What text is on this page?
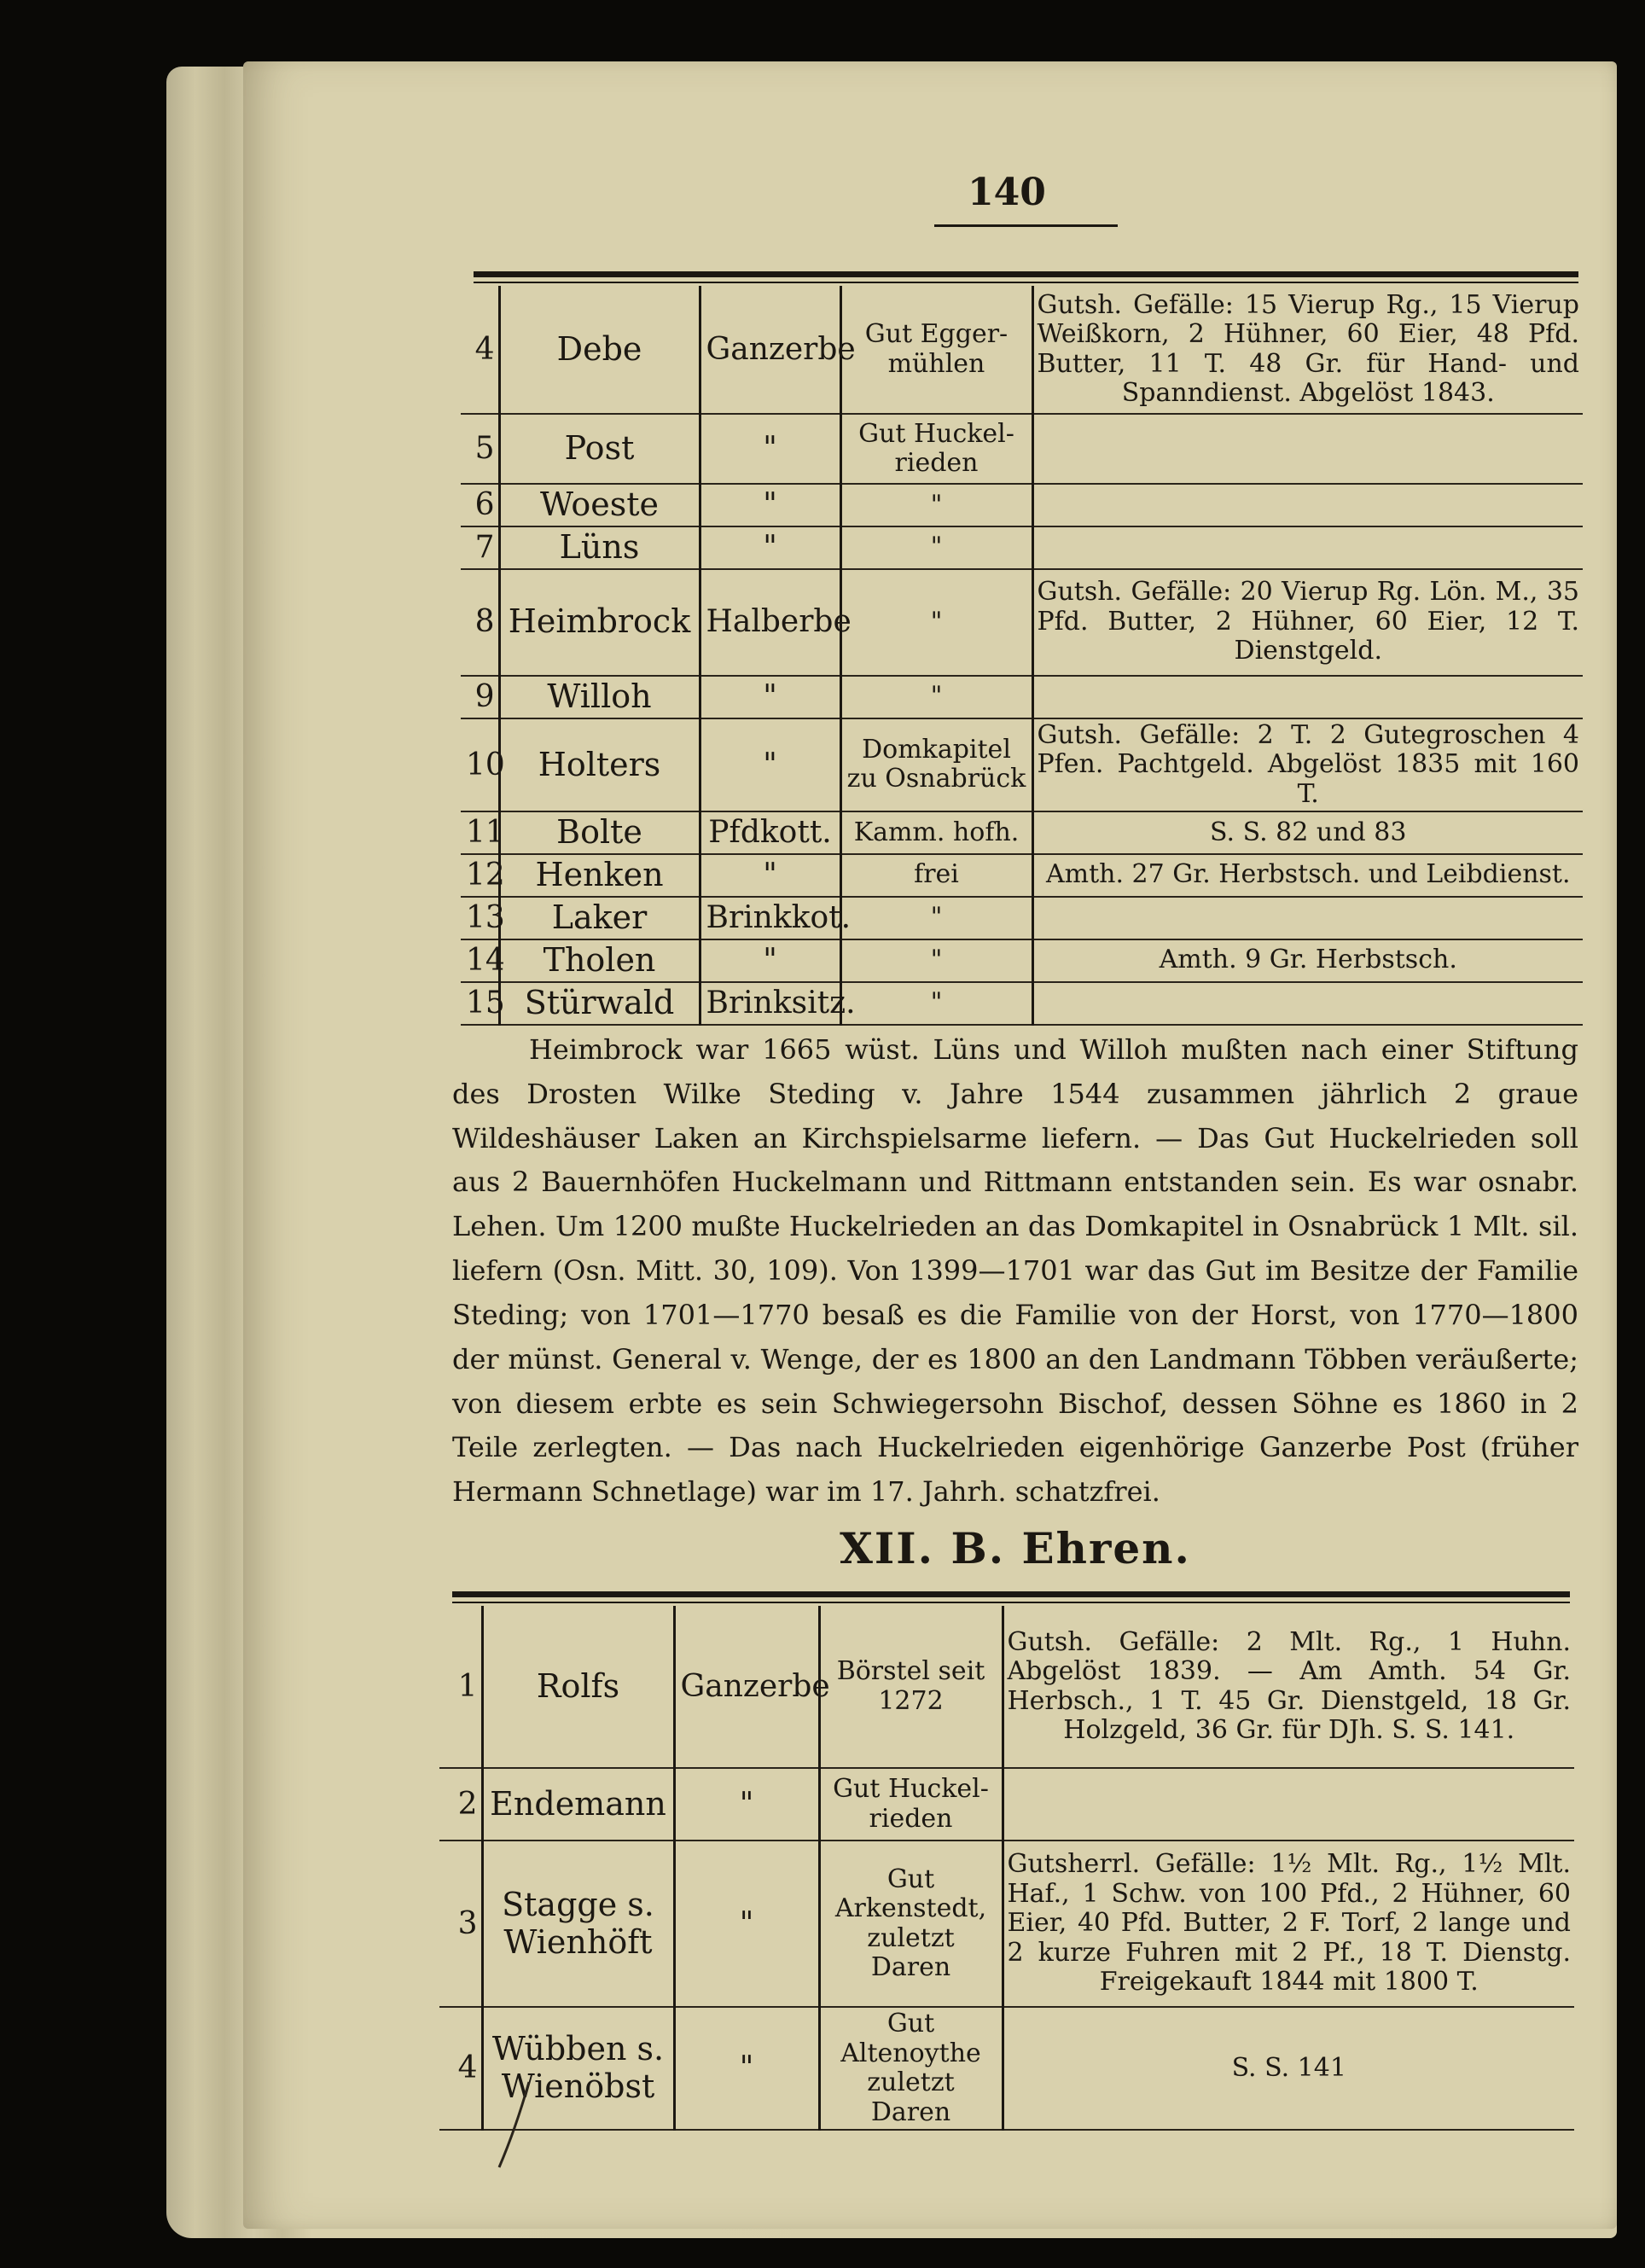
140
4	Debe	Ganzerbe	Gut Egger-mühlen	Gutsh. Gefälle: 15 Vierup Rg., 15 Vierup Weißkorn, 2 Hühner, 60 Eier, 48 Pfd. Butter, 11 T. 48 Gr. für Hand- und Spanndienst. Abgelöst 1843.
5	Post	"	Gut Huckel-rieden	
6	Woeste	"	"	
7	Lüns	"	"	
8	Heimbrock	Halberbe	"	Gutsh. Gefälle: 20 Vierup Rg. Lön. M., 35 Pfd. Butter, 2 Hühner, 60 Eier, 12 T. Dienstgeld.
9	Willoh	"	"	
10	Holters	"	Domkapitel zu Osnabrück	Gutsh. Gefälle: 2 T. 2 Gutegroschen 4 Pfen. Pachtgeld. Abgelöst 1835 mit 160 T.
11	Bolte	Pfdkott.	Kamm. hofh.	S. S. 82 und 83
12	Henken	"	frei	Amth. 27 Gr. Herbstsch. und Leibdienst.
13	Laker	Brinkkot.	"	
14	Tholen	"	"	Amth. 9 Gr. Herbstsch.
15	Stürwald	Brinksitz.	"	
Heimbrock war 1665 wüst. Lüns und Willoh mußten nach einer Stiftung des Drosten Wilke Steding v. Jahre 1544 zusammen jährlich 2 graue Wildeshäuser Laken an Kirchspielsarme liefern. — Das Gut Huckelrieden soll aus 2 Bauernhöfen Huckelmann und Rittmann entstanden sein. Es war osnabr. Lehen. Um 1200 mußte Huckelrieden an das Domkapitel in Osnabrück 1 Mlt. sil. liefern (Osn. Mitt. 30, 109). Von 1399—1701 war das Gut im Besitze der Familie Steding; von 1701—1770 besaß es die Familie von der Horst, von 1770—1800 der münst. General v. Wenge, der es 1800 an den Landmann Többen veräußerte; von diesem erbte es sein Schwiegersohn Bischof, dessen Söhne es 1860 in 2 Teile zerlegten. — Das nach Huckelrieden eigenhörige Ganzerbe Post (früher Hermann Schnetlage) war im 17. Jahrh. schatzfrei.
XII. B. Ehren.
1	Rolfs	Ganzerbe	Börstel seit 1272	Gutsh. Gefälle: 2 Mlt. Rg., 1 Huhn. Abgelöst 1839. — Am Amth. 54 Gr. Herbsch., 1 T. 45 Gr. Dienstgeld, 18 Gr. Holzgeld, 36 Gr. für DJh. S. S. 141.
2	Endemann	"	Gut Huckel-rieden	
3	Stagge s. Wienhöft	"	Gut Arkenstedt, zuletzt Daren	Gutsherrl. Gefälle: 1½ Mlt. Rg., 1½ Mlt. Haf., 1 Schw. von 100 Pfd., 2 Hühner, 60 Eier, 40 Pfd. Butter, 2 F. Torf, 2 lange und 2 kurze Fuhren mit 2 Pf., 18 T. Dienstg. Freigekauft 1844 mit 1800 T.
4	Wübben s. Wienöbst	"	Gut Altenoythe zuletzt Daren	S. S. 141
